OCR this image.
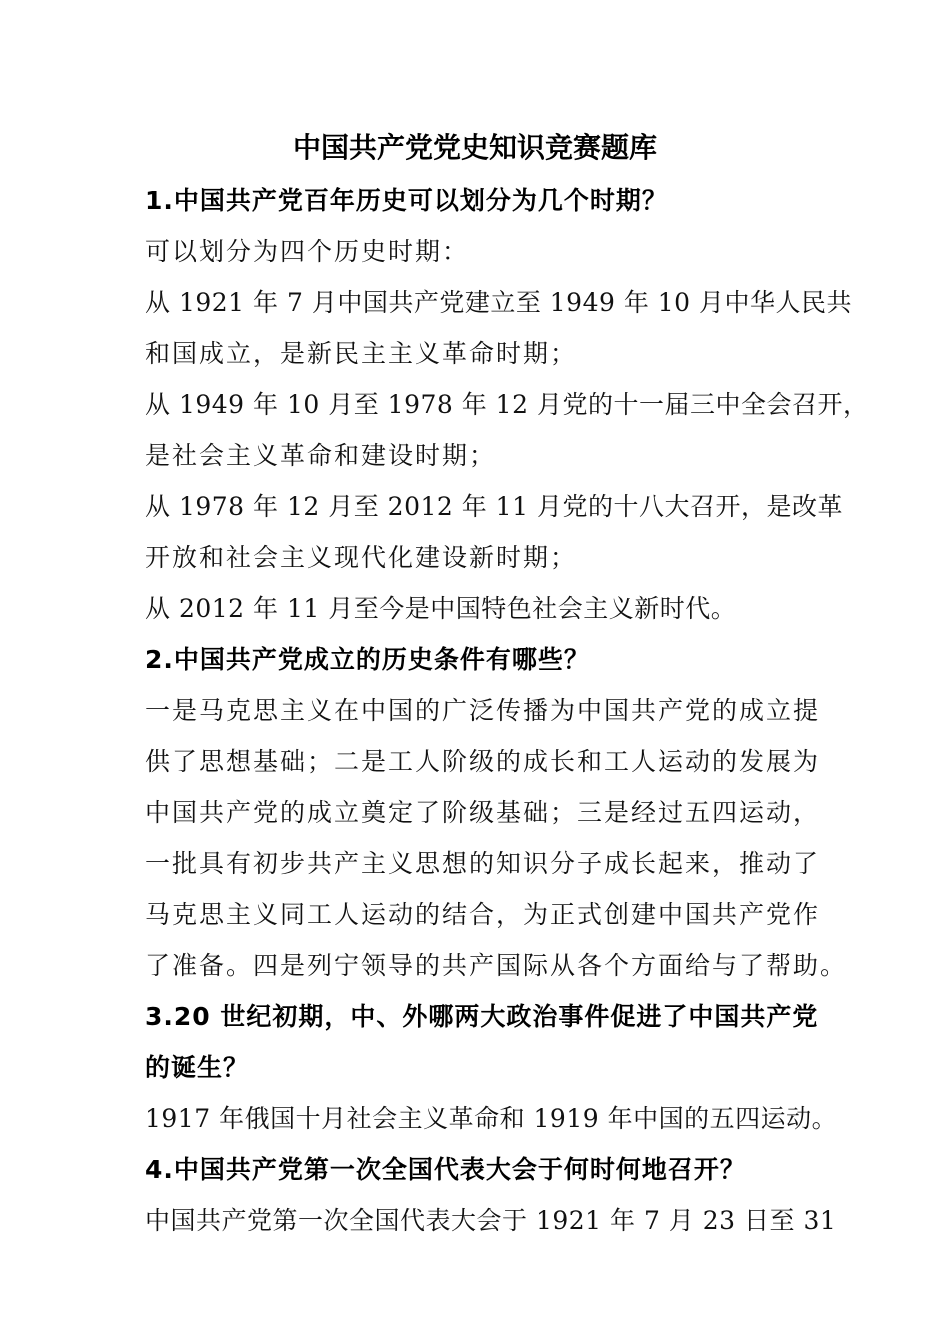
中国共产党党史知识竞赛题库
1.中国共产党百年历史可以划分为几个时期？
可以划分为四个历史时期：
从 1921 年 7 月中国共产党建立至 1949 年 10 月中华人民共
和国成立，是新民主主义革命时期；
从 1949 年 10 月至 1978 年 12 月党的十一届三中全会召开，
是社会主义革命和建设时期；
从 1978 年 12 月至 2012 年 11 月党的十八大召开，是改革
开放和社会主义现代化建设新时期；
从 2012 年 11 月至今是中国特色社会主义新时代。
2.中国共产党成立的历史条件有哪些？
一是马克思主义在中国的广泛传播为中国共产党的成立提
供了思想基础；二是工人阶级的成长和工人运动的发展为
中国共产党的成立奠定了阶级基础；三是经过五四运动，
一批具有初步共产主义思想的知识分子成长起来，推动了
马克思主义同工人运动的结合，为正式创建中国共产党作
了准备。四是列宁领导的共产国际从各个方面给与了帮助。
3.20 世纪初期，中、外哪两大政治事件促进了中国共产党
的诞生？
1917 年俄国十月社会主义革命和 1919 年中国的五四运动。
4.中国共产党第一次全国代表大会于何时何地召开？
中国共产党第一次全国代表大会于 1921 年 7 月 23 日至 31
